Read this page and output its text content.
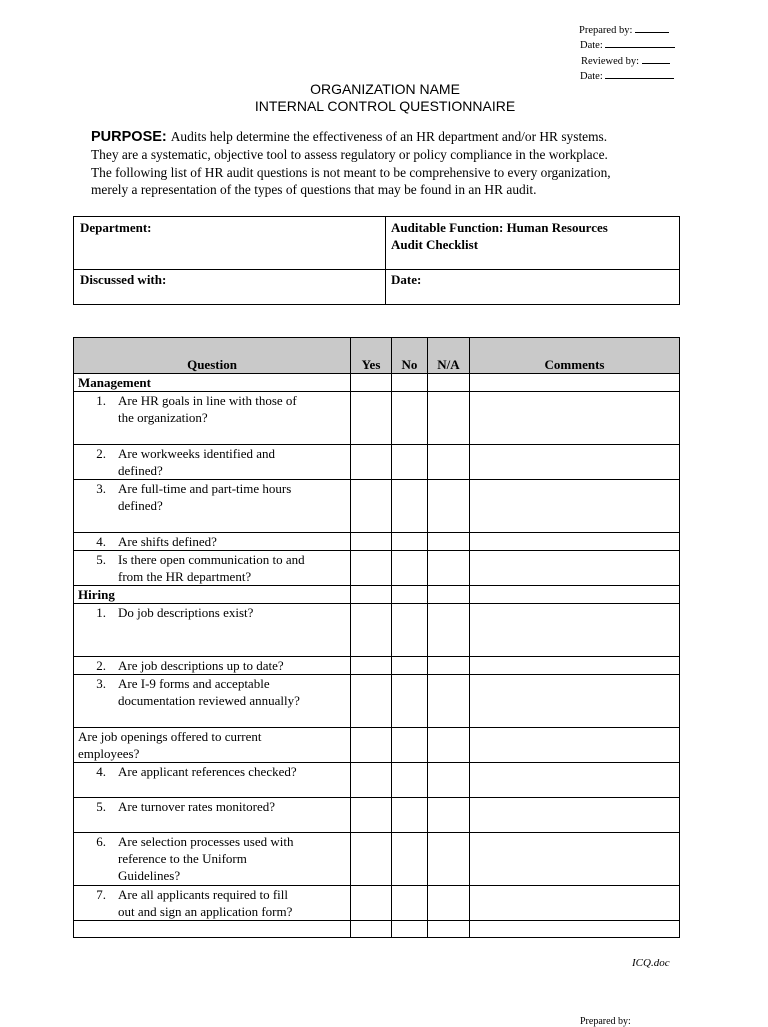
Prepared by:
Date:
Reviewed by:
Date:
ORGANIZATION NAME
INTERNAL CONTROL QUESTIONNAIRE
PURPOSE: Audits help determine the effectiveness of an HR department and/or HR systems.
They are a systematic, objective tool to assess regulatory or policy compliance in the workplace.
The following list of HR audit questions is not meant to be comprehensive to every organization,
merely a representation of the types of questions that may be found in an HR audit.
Department:	Auditable Function: Human Resources
Audit Checklist
Discussed with:	Date:
Question	Yes	No	N/A	Comments
Management				

1. Are HR goals in line with those of
the organization?				

2. Are workweeks identified and
defined?				

3. Are full-time and part-time hours
defined?				

4. Are shifts defined?				

5. Is there open communication to and
from the HR department?				

Hiring				

1. Do job descriptions exist?				

2. Are job descriptions up to date?				

3. Are I-9 forms and acceptable
documentation reviewed annually?				

Are job openings offered to current
employees?				

4. Are applicant references checked?				

5. Are turnover rates monitored?				

6. Are selection processes used with
reference to the Uniform
Guidelines?				

7. Are all applicants required to fill
out and sign an application form?				

ICQ.doc
Prepared by:
